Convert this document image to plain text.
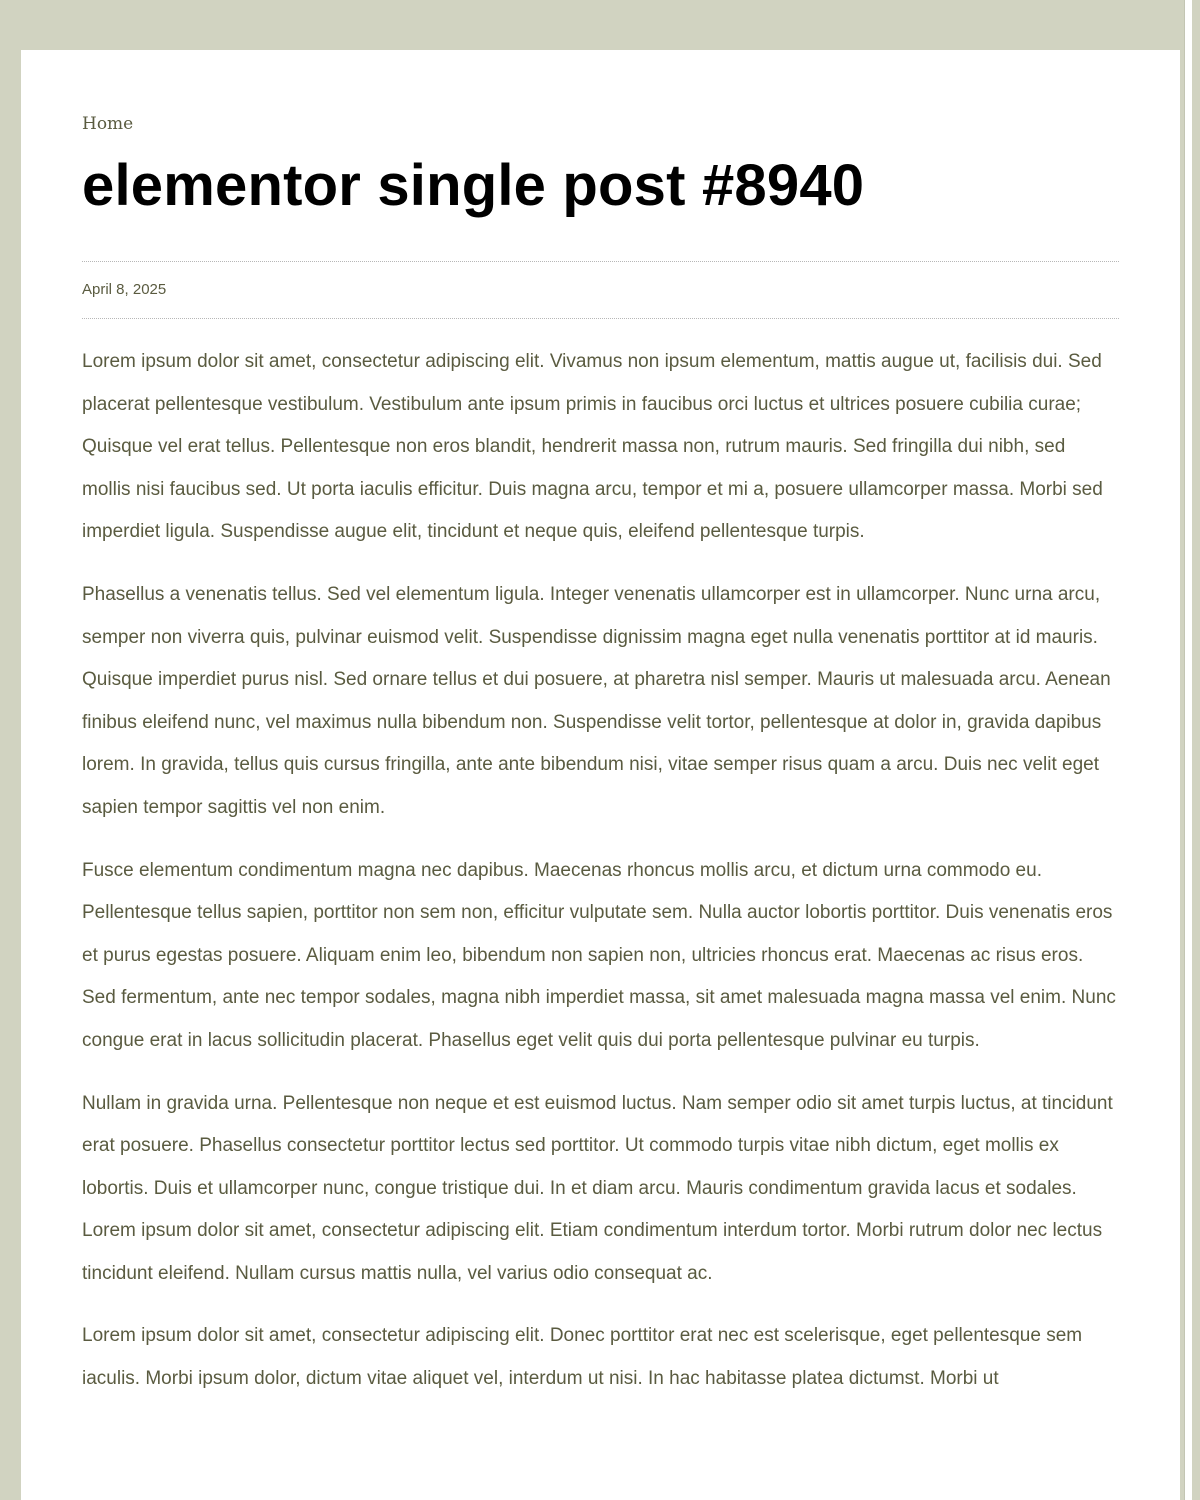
Home
elementor single post #8940
April 8, 2025

Lorem ipsum dolor sit amet, consectetur adipiscing elit. Vivamus non ipsum elementum, mattis augue ut, facilisis dui. Sed placerat pellentesque vestibulum. Vestibulum ante ipsum primis in faucibus orci luctus et ultrices posuere cubilia curae; Quisque vel erat tellus. Pellentesque non eros blandit, hendrerit massa non, rutrum mauris. Sed fringilla dui nibh, sed mollis nisi faucibus sed. Ut porta iaculis efficitur. Duis magna arcu, tempor et mi a, posuere ullamcorper massa. Morbi sed imperdiet ligula. Suspendisse augue elit, tincidunt et neque quis, eleifend pellentesque turpis.

Phasellus a venenatis tellus. Sed vel elementum ligula. Integer venenatis ullamcorper est in ullamcorper. Nunc urna arcu, semper non viverra quis, pulvinar euismod velit. Suspendisse dignissim magna eget nulla venenatis porttitor at id mauris. Quisque imperdiet purus nisl. Sed ornare tellus et dui posuere, at pharetra nisl semper. Mauris ut malesuada arcu. Aenean finibus eleifend nunc, vel maximus nulla bibendum non. Suspendisse velit tortor, pellentesque at dolor in, gravida dapibus lorem. In gravida, tellus quis cursus fringilla, ante ante bibendum nisi, vitae semper risus quam a arcu. Duis nec velit eget sapien tempor sagittis vel non enim.

Fusce elementum condimentum magna nec dapibus. Maecenas rhoncus mollis arcu, et dictum urna commodo eu. Pellentesque tellus sapien, porttitor non sem non, efficitur vulputate sem. Nulla auctor lobortis porttitor. Duis venenatis eros et purus egestas posuere. Aliquam enim leo, bibendum non sapien non, ultricies rhoncus erat. Maecenas ac risus eros. Sed fermentum, ante nec tempor sodales, magna nibh imperdiet massa, sit amet malesuada magna massa vel enim. Nunc congue erat in lacus sollicitudin placerat. Phasellus eget velit quis dui porta pellentesque pulvinar eu turpis.

Nullam in gravida urna. Pellentesque non neque et est euismod luctus. Nam semper odio sit amet turpis luctus, at tincidunt erat posuere. Phasellus consectetur porttitor lectus sed porttitor. Ut commodo turpis vitae nibh dictum, eget mollis ex lobortis. Duis et ullamcorper nunc, congue tristique dui. In et diam arcu. Mauris condimentum gravida lacus et sodales. Lorem ipsum dolor sit amet, consectetur adipiscing elit. Etiam condimentum interdum tortor. Morbi rutrum dolor nec lectus tincidunt eleifend. Nullam cursus mattis nulla, vel varius odio consequat ac.

Lorem ipsum dolor sit amet, consectetur adipiscing elit. Donec porttitor erat nec est scelerisque, eget pellentesque sem iaculis. Morbi ipsum dolor, dictum vitae aliquet vel, interdum ut nisi. In hac habitasse platea dictumst. Morbi ut
